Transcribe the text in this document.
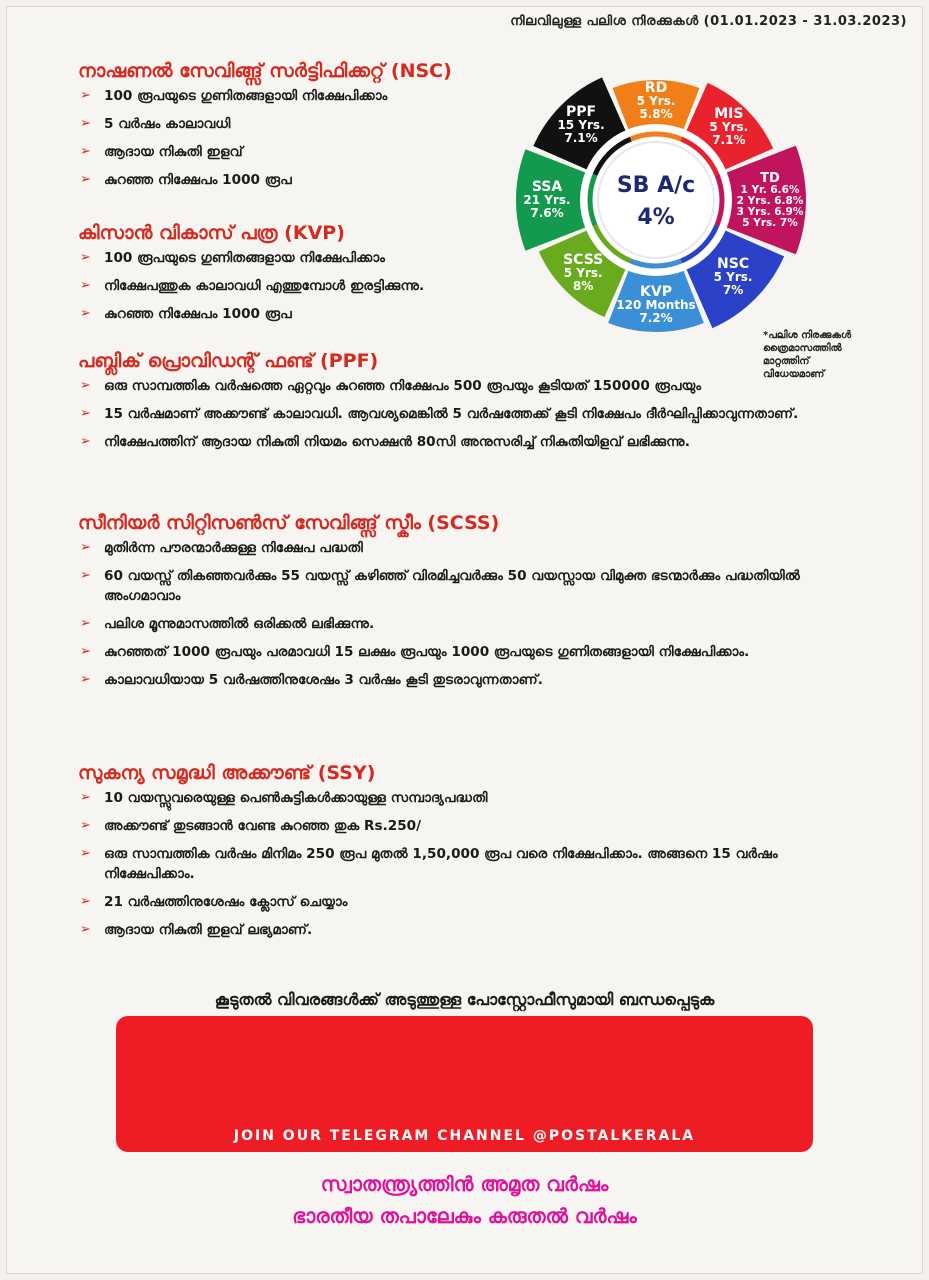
നിലവിലുള്ള പലിശ നിരക്കുകൾ (01.01.2023 - 31.03.2023)
RD
5 Yrs.
5.8%	MIS
5 Yrs.
7.1%
TD
1 Yr. 6.6%
2 Yrs. 6.8%
3 Yrs. 6.9%
5 Yrs. 7%
NSC
5 Yrs.
7%
KVP
120 Months
7.2%
SCSS
5 Yrs.
8%
SSA
21 Yrs.
7.6%
PPF
15 Yrs.
7.1%
SB A/c
4%
*പലിശ നിരക്കുകൾ
ത്രൈമാസത്തിൽ മാറ്റത്തിന്
വിധേയമാണ്
നാഷണൽ സേവിങ്ങ്സ് സർട്ടിഫിക്കറ്റ് (NSC)
➢ 100 രൂപയുടെ ഗുണിതങ്ങളായി നിക്ഷേപിക്കാം
➢ 5 വർഷം കാലാവധി
➢ ആദായ നികുതി ഇളവ്
➢ കുറഞ്ഞ നിക്ഷേപം 1000 രൂപ
കിസാൻ വികാസ് പത്ര (KVP)
➢ 100 രൂപയുടെ ഗുണിതങ്ങളായ നിക്ഷേപിക്കാം
➢ നിക്ഷേപത്തുക കാലാവധി എത്തുമ്പോൾ ഇരട്ടിക്കുന്നു.
➢ കുറഞ്ഞ നിക്ഷേപം 1000 രൂപ
പബ്ലിക് പ്രൊവിഡന്റ് ഫണ്ട് (PPF)
➢ ഒരു സാമ്പത്തിക വർഷത്തെ ഏറ്റവും കുറഞ്ഞ നിക്ഷേപം 500 രൂപയും കൂടിയത് 150000 രൂപയും
➢ 15 വർഷമാണ് അക്കൗണ്ട് കാലാവധി. ആവശ്യമെങ്കിൽ 5 വർഷത്തേക്ക് കൂടി നിക്ഷേപം ദീർഘിപ്പിക്കാവുന്നതാണ്.
➢ നിക്ഷേപത്തിന് ആദായ നികുതി നിയമം സെക്ഷൻ 80സി അനുസരിച്ച് നികുതിയിളവ് ലഭിക്കുന്നു.
സീനിയർ സിറ്റിസൺസ് സേവിങ്ങ്സ് സ്കീം (SCSS)
➢ മുതിർന്ന പൗരന്മാർക്കുള്ള നിക്ഷേപ പദ്ധതി
➢ 60 വയസ്സ് തികഞ്ഞവർക്കും 55 വയസ്സ് കഴിഞ്ഞ് വിരമിച്ചവർക്കും 50 വയസ്സായ വിമുക്ത ഭടന്മാർക്കും പദ്ധതിയിൽ അംഗമാവാം
➢ പലിശ മൂന്നുമാസത്തിൽ ഒരിക്കൽ ലഭിക്കുന്നു.
➢ കുറഞ്ഞത് 1000 രൂപയും പരമാവധി 15 ലക്ഷം രൂപയും 1000 രൂപയുടെ ഗുണിതങ്ങളായി നിക്ഷേപിക്കാം.
➢ കാലാവധിയായ 5 വർഷത്തിനുശേഷം 3 വർഷം കൂടി തുടരാവുന്നതാണ്.
സുകന്യ സമൃദ്ധി അക്കൗണ്ട് (SSY)
➢ 10 വയസ്സുവരെയുള്ള പെൺകുട്ടികൾക്കായുള്ള സമ്പാദ്യപദ്ധതി
➢ അക്കൗണ്ട് തുടങ്ങാൻ വേണ്ട കുറഞ്ഞ തുക Rs.250/
➢ ഒരു സാമ്പത്തിക വർഷം മിനിമം 250 രൂപ മുതൽ 1,50,000 രൂപ വരെ നിക്ഷേപിക്കാം. അങ്ങനെ 15 വർഷം നിക്ഷേപിക്കാം.
➢ 21 വർഷത്തിനുശേഷം ക്ലോസ് ചെയ്യാം
➢ ആദായ നികുതി ഇളവ് ലഭ്യമാണ്.
കൂടുതൽ വിവരങ്ങൾക്ക് അടുത്തുള്ള പോസ്റ്റോഫീസുമായി ബന്ധപ്പെടുക
JOIN OUR TELEGRAM CHANNEL @POSTALKERALA
സ്വാതന്ത്ര്യത്തിൻ അമൃത വർഷം
ഭാരതീയ തപാലേകും കരുതൽ വർഷം
